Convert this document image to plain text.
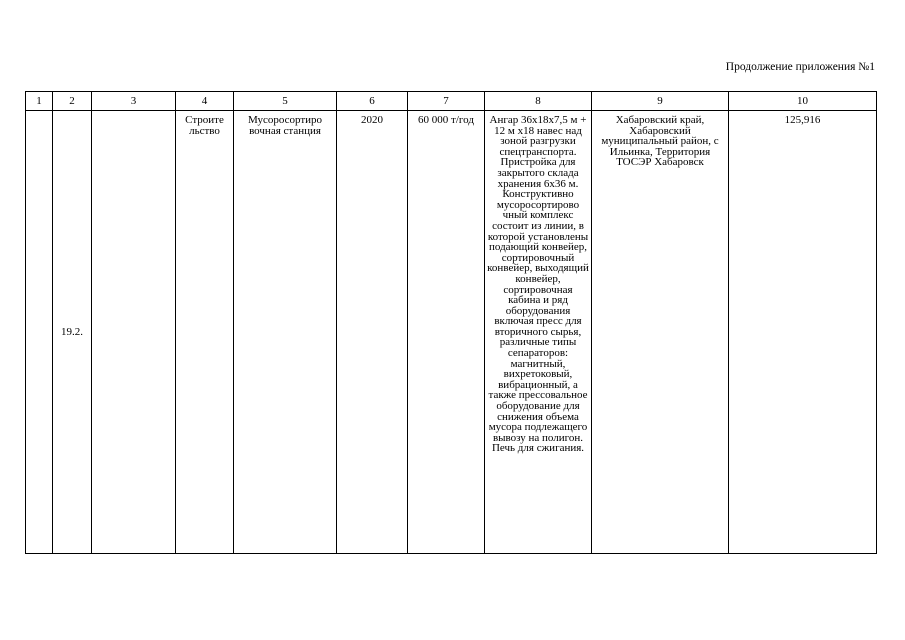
Продолжение приложения №1
1	2	3	4	5	6	7	8	9	10
	19.2.		Строите льство	Мусоросортиро вочная станция	2020	60 000 т/год	Ангар 36x18x7,5 м + 12 м x18 навес над зоной разгрузки спецтранспорта. Пристройка для закрытого склада хранения 6х36 м. Конструктивно мусоросортирово чный комплекс состоит из линии, в которой установлены подающий конвейер, сортировочный конвейер, выходящий конвейер, сортировочная кабина и ряд оборудования включая пресс для вторичного сырья, различные типы сепараторов: магнитный, вихретоковый, вибрационный, а также прессовальное оборудование для снижения объема мусора подлежащего вывозу на полигон. Печь для сжигания.	Хабаровский край, Хабаровский муниципальный район, с Ильинка, Территория ТОСЭР Хабаровск	125,916
